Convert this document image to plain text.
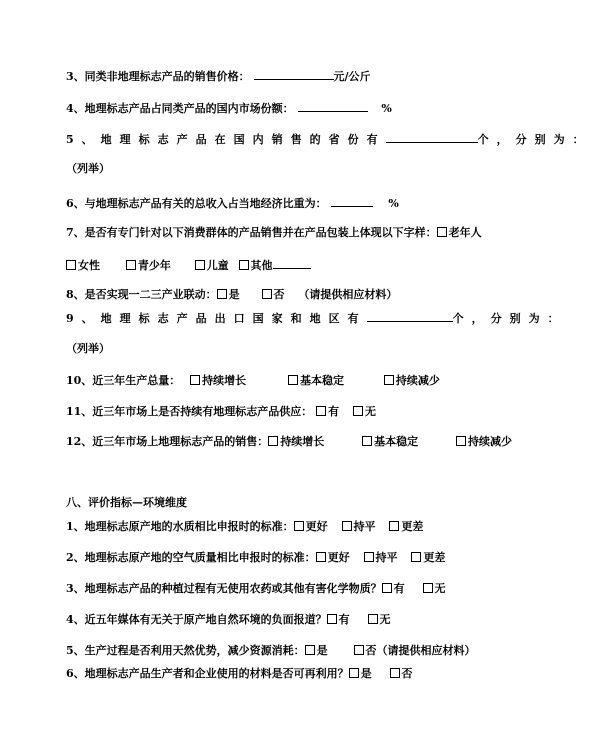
3、同类非地理标志产品的销售价格：	元/公斤
4、地理标志产品占同类产品的国内市场份额：	%
5、地理标志产品在国内销售的省份有	个，分别为：
（列举）
6、与地理标志产品有关的总收入占当地经济比重为：	%
7、是否有专门针对以下消费群体的产品销售并在产品包装上体现以下字样： 老年人
女性	青少年	儿童 其他
8、是否实现一二三产业联动： 是	否 （请提供相应材料）
9、地理标志产品出口国家和地区有	个，分别为：
（列举）
10、近三年生产总量： 持续增长	基本稳定	持续减少
11、近三年市场上是否持续有地理标志产品供应： 有 无
12、近三年市场上地理标志产品的销售： 持续增长	基本稳定	持续减少
八、评价指标—环境维度
1、地理标志原产地的水质相比申报时的标准： 更好 持平 更差
2、地理标志原产地的空气质量相比申报时的标准： 更好 持平 更差
3、地理标志产品的种植过程有无使用农药或其他有害化学物质？ 有	无
4、近五年媒体有无关于原产地自然环境的负面报道？ 有	无
5、生产过程是否利用天然优势，减少资源消耗： 是	否（请提供相应材料）
6、地理标志产品生产者和企业使用的材料是否可再利用？ 是	否
